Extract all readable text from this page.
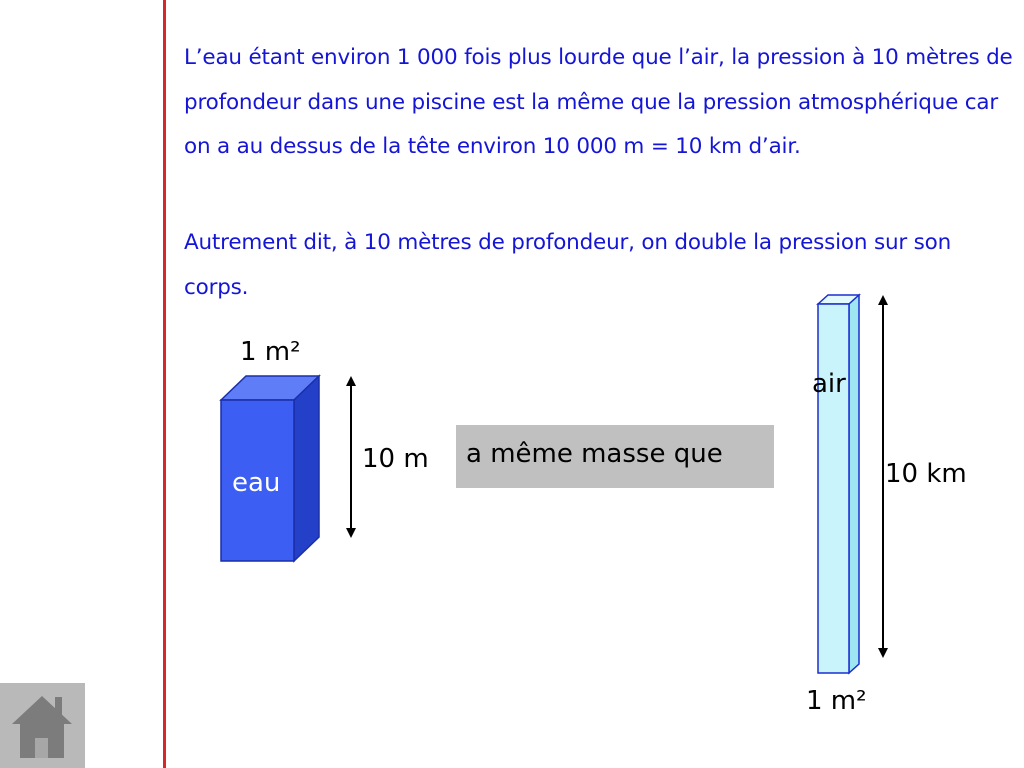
L’eau étant environ 1 000 fois plus lourde que l’air, la pression à 10 mètres de profondeur dans une piscine est la même que la pression atmosphérique car on a au dessus de la tête environ 10 000 m = 10 km d’air.

Autrement dit, à 10 mètres de profondeur, on double la pression sur son corps.

1 m²
eau
10 m a même masse que
air
10 km
1 m²
